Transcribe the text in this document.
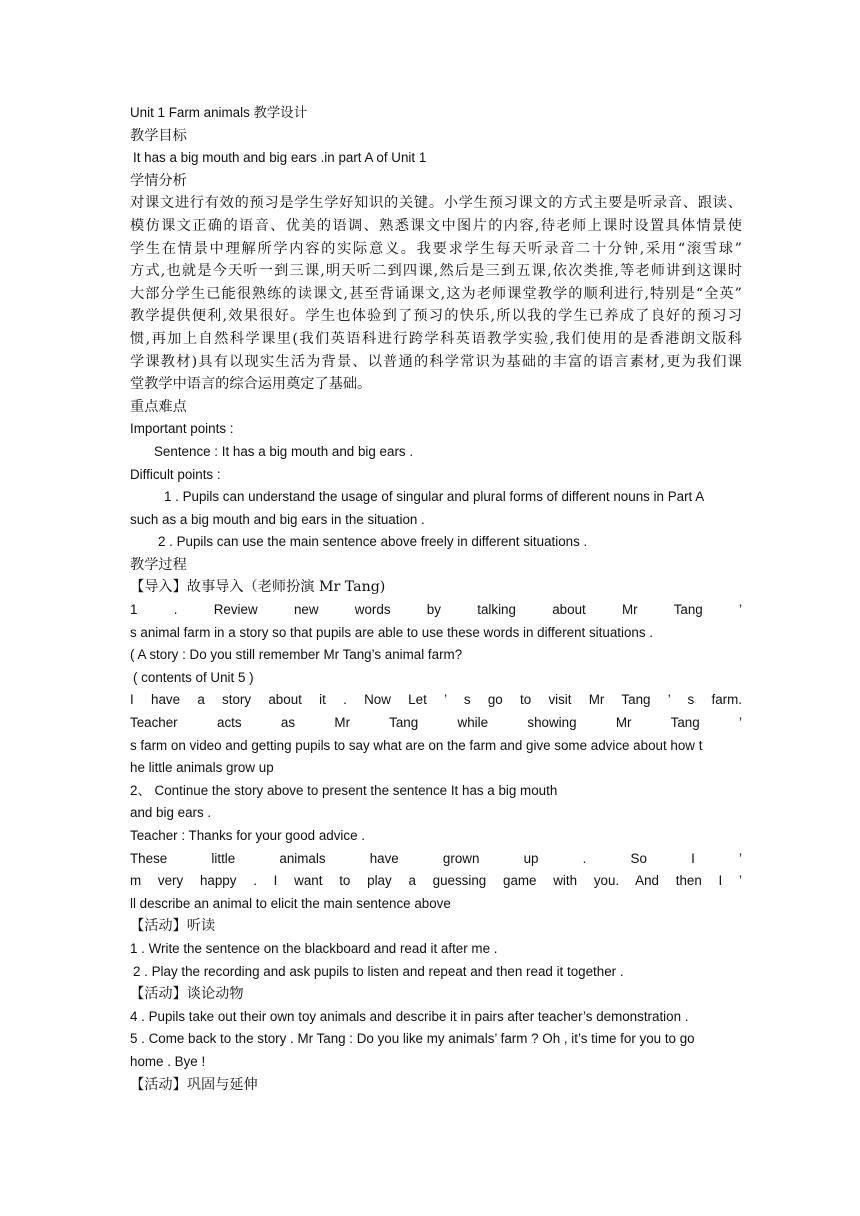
Unit 1 Farm animals 教学设计
教学目标
It has a big mouth and big ears .in part A of Unit 1
学情分析
对课文进行有效的预习是学生学好知识的关键。小学生预习课文的方式主要是听录音、跟读、
模仿课文正确的语音、优美的语调、熟悉课文中图片的内容,待老师上课时设置具体情景使
学生在情景中理解所学内容的实际意义。我要求学生每天听录音二十分钟,采用“滚雪球”
方式,也就是今天听一到三课,明天听二到四课,然后是三到五课,依次类推,等老师讲到这课时
大部分学生已能很熟练的读课文,甚至背诵课文,这为老师课堂教学的顺利进行,特别是“全英”
教学提供便利,效果很好。学生也体验到了预习的快乐,所以我的学生已养成了良好的预习习
惯,再加上自然科学课里(我们英语科进行跨学科英语教学实验,我们使用的是香港朗文版科
学课教材)具有以现实生活为背景、以普通的科学常识为基础的丰富的语言素材,更为我们课
堂教学中语言的综合运用奠定了基础。
重点难点
Important points :
Sentence : It has a big mouth and big ears .
Difficult points :
1 . Pupils can understand the usage of singular and plural forms of different nouns in Part A
such as a big mouth and big ears in the situation .
2 . Pupils can use the main sentence above freely in different situations .
教学过程
【导入】故事导入（老师扮演 Mr Tang)
1 . Review new words by talking about Mr Tang ’
s animal farm in a story so that pupils are able to use these words in different situations .
( A story : Do you still remember Mr Tang’s animal farm?
( contents of Unit 5 )
I have a story about it . Now Let ’ s go to visit Mr Tang ’ s farm.
Teacher acts as Mr Tang while showing Mr Tang ’
s farm on video and getting pupils to say what are on the farm and give some advice about how t
he little animals grow up
2、 Continue the story above to present the sentence It has a big mouth
and big ears .
Teacher : Thanks for your good advice .
These little animals have grown up . So I ’
m very happy . I want to play a guessing game with you. And then I ’
ll describe an animal to elicit the main sentence above
【活动】听读
1 . Write the sentence on the blackboard and read it after me .
2 . Play the recording and ask pupils to listen and repeat and then read it together .
【活动】谈论动物
4 . Pupils take out their own toy animals and describe it in pairs after teacher’s demonstration .
5 . Come back to the story . Mr Tang : Do you like my animals’ farm ? Oh , it’s time for you to go
home . Bye !
【活动】巩固与延伸
